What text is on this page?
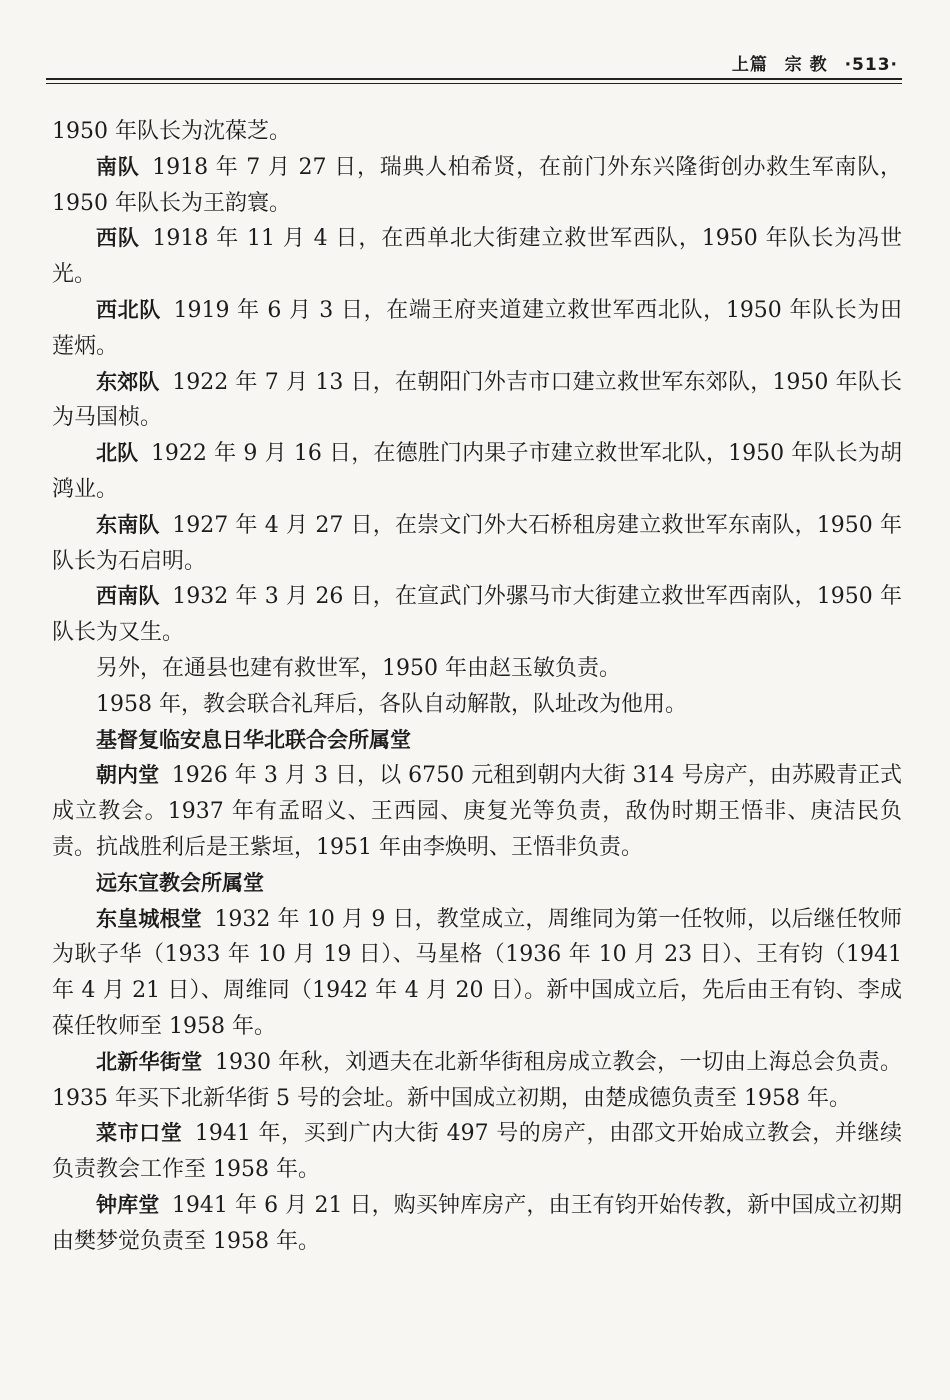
上篇 宗 教 ·513·

1950 年队长为沈葆芝。

南队 1918 年 7 月 27 日，瑞典人柏希贤，在前门外东兴隆街创办救生军南队，1950 年队长为王韵寰。

西队 1918 年 11 月 4 日，在西单北大街建立救世军西队，1950 年队长为冯世光。

西北队 1919 年 6 月 3 日，在端王府夹道建立救世军西北队，1950 年队长为田莲炳。

东郊队 1922 年 7 月 13 日，在朝阳门外吉市口建立救世军东郊队，1950 年队长为马国桢。

北队 1922 年 9 月 16 日，在德胜门内果子市建立救世军北队，1950 年队长为胡鸿业。

东南队 1927 年 4 月 27 日，在崇文门外大石桥租房建立救世军东南队，1950 年队长为石启明。

西南队 1932 年 3 月 26 日，在宣武门外骡马市大街建立救世军西南队，1950 年队长为又生。

另外，在通县也建有救世军，1950 年由赵玉敏负责。

1958 年，教会联合礼拜后，各队自动解散，队址改为他用。

基督复临安息日华北联合会所属堂

朝内堂 1926 年 3 月 3 日，以 6750 元租到朝内大街 314 号房产，由苏殿青正式成立教会。1937 年有孟昭义、王西园、庚复光等负责，敌伪时期王悟非、庚洁民负责。抗战胜利后是王紫垣，1951 年由李焕明、王悟非负责。

远东宣教会所属堂

东皇城根堂 1932 年 10 月 9 日，教堂成立，周维同为第一任牧师，以后继任牧师为耿子华（1933 年 10 月 19 日）、马星格（1936 年 10 月 23 日）、王有钧（1941 年 4 月 21 日）、周维同（1942 年 4 月 20 日）。新中国成立后，先后由王有钧、李成葆任牧师至 1958 年。

北新华街堂 1930 年秋，刘迺夫在北新华街租房成立教会，一切由上海总会负责。1935 年买下北新华街 5 号的会址。新中国成立初期，由楚成德负责至 1958 年。

菜市口堂 1941 年，买到广内大街 497 号的房产，由邵文开始成立教会，并继续负责教会工作至 1958 年。

钟库堂 1941 年 6 月 21 日，购买钟库房产，由王有钧开始传教，新中国成立初期由樊梦觉负责至 1958 年。
